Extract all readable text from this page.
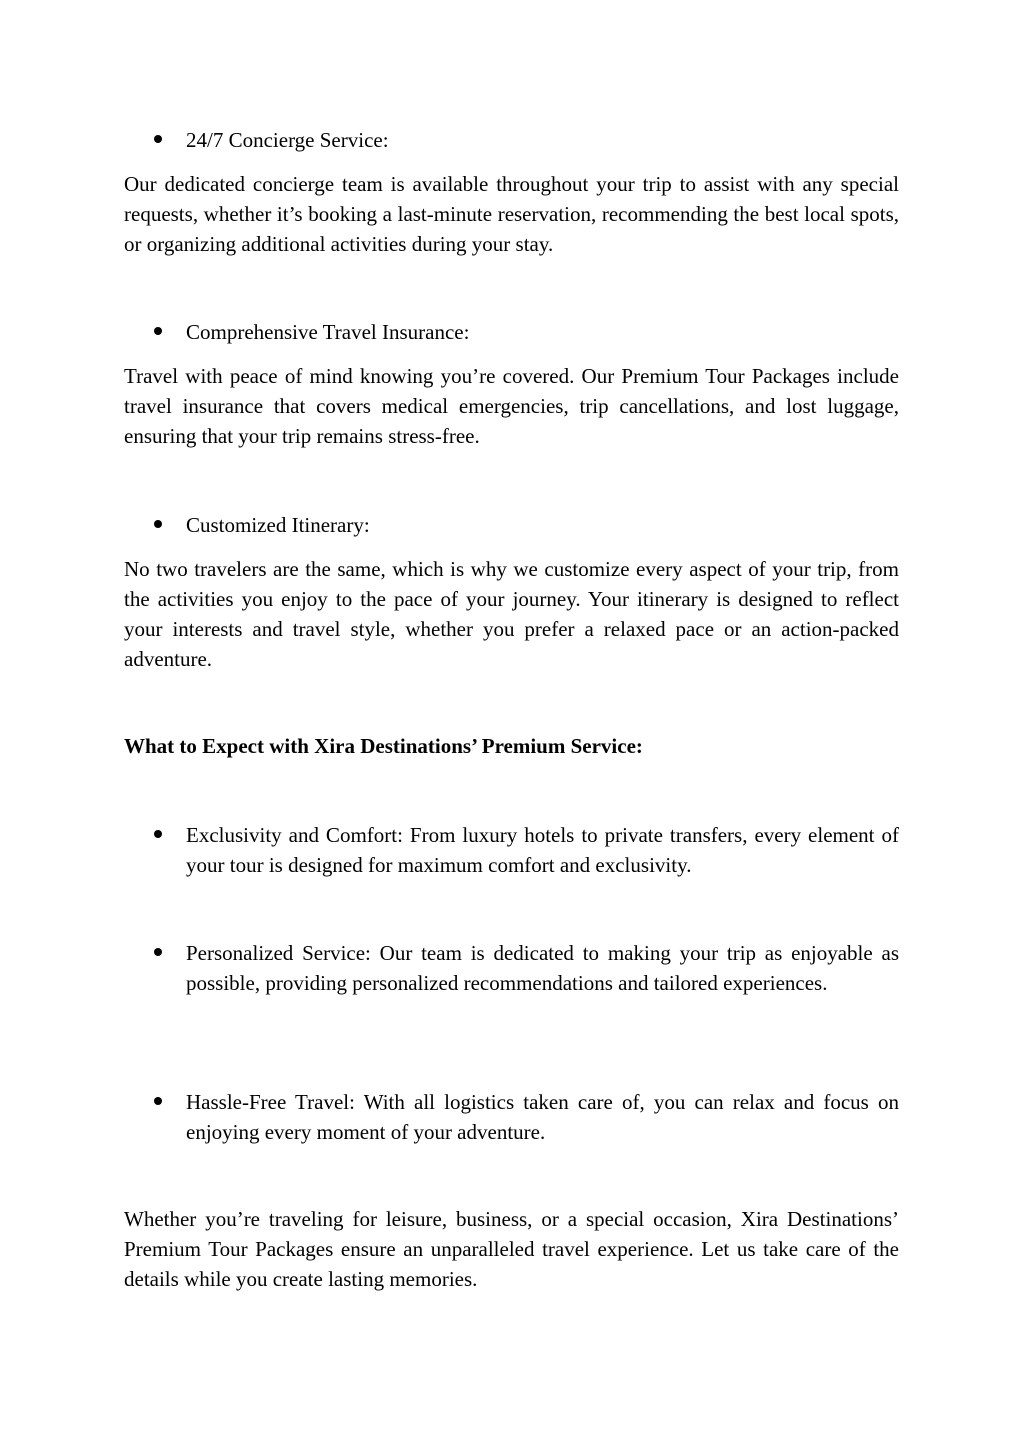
24/7 Concierge Service:

Our dedicated concierge team is available throughout your trip to assist with any special requests, whether it’s booking a last-minute reservation, recommending the best local spots, or organizing additional activities during your stay.

Comprehensive Travel Insurance:

Travel with peace of mind knowing you’re covered. Our Premium Tour Packages include travel insurance that covers medical emergencies, trip cancellations, and lost luggage, ensuring that your trip remains stress-free.

Customized Itinerary:

No two travelers are the same, which is why we customize every aspect of your trip, from the activities you enjoy to the pace of your journey. Your itinerary is designed to reflect your interests and travel style, whether you prefer a relaxed pace or an action-packed adventure.

What to Expect with Xira Destinations’ Premium Service:

Exclusivity and Comfort: From luxury hotels to private transfers, every element of your tour is designed for maximum comfort and exclusivity.

Personalized Service: Our team is dedicated to making your trip as enjoyable as possible, providing personalized recommendations and tailored experiences.

Hassle-Free Travel: With all logistics taken care of, you can relax and focus on enjoying every moment of your adventure.

Whether you’re traveling for leisure, business, or a special occasion, Xira Destinations’ Premium Tour Packages ensure an unparalleled travel experience. Let us take care of the details while you create lasting memories.
